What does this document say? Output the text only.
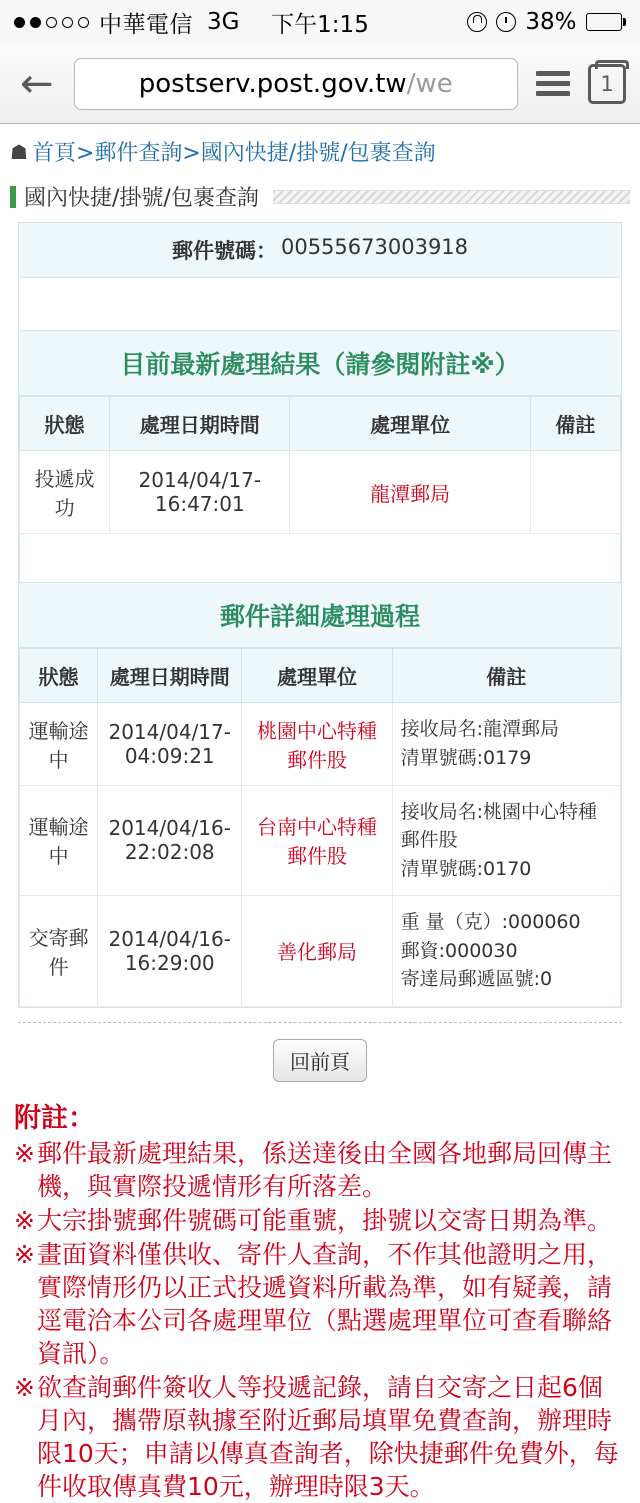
中華電信 3G	下午1:15	38%
←	postserv.post.gov.tw/we	1
☗ 首頁>郵件查詢>國內快捷/掛號/包裹查詢
國內快捷/掛號/包裹查詢
郵件號碼： 00555673003918
目前最新處理結果（請參閱附註※）
狀態	處理日期時間	處理單位	備註
投遞成功	2014/04/17-16:47:01	龍潭郵局	

郵件詳細處理過程
狀態	處理日期時間	處理單位	備註
運輸途中	2014/04/17-04:09:21	桃園中心特種郵件股	接收局名:龍潭郵局
清單號碼:0179

運輸途中	2014/04/16-22:02:08	台南中心特種郵件股	接收局名:桃園中心特種郵件股
清單號碼:0170

交寄郵件	2014/04/16-16:29:00	善化郵局	重 量（克）:000060
郵資:000030
寄達局郵遞區號:0
回前頁
附註：
※ 郵件最新處理結果，係送達後由全國各地郵局回傳主機，與實際投遞情形有所落差。
※ 大宗掛號郵件號碼可能重號，掛號以交寄日期為準。
※ 畫面資料僅供收、寄件人查詢，不作其他證明之用，實際情形仍以正式投遞資料所載為準，如有疑義，請逕電洽本公司各處理單位（點選處理單位可查看聯絡資訊）。
※ 欲查詢郵件簽收人等投遞記錄，請自交寄之日起6個月內，攜帶原執據至附近郵局填單免費查詢，辦理時限10天；申請以傳真查詢者，除快捷郵件免費外，每件收取傳真費10元，辦理時限3天。
